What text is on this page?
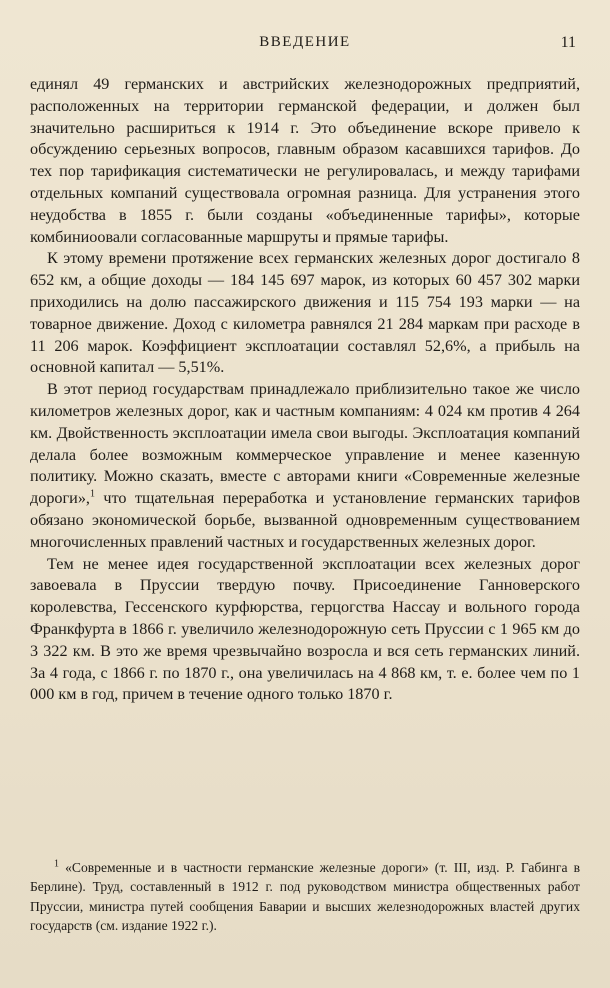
ВВЕДЕНИЕ	11

единял 49 германских и австрийских железнодорожных предприятий, расположенных на территории германской федерации, и должен был значительно расшириться к 1914 г. Это объединение вскоре привело к обсуждению серьезных вопросов, главным образом касавшихся тарифов. До тех пор тарификация систематически не регулировалась, и между тарифами отдельных компаний существовала огромная разница. Для устранения этого неудобства в 1855 г. были созданы «объединенные тарифы», которые комбиниоовали согласованные маршруты и прямые тарифы.

К этому времени протяжение всех германских железных дорог достигало 8 652 км, а общие доходы — 184 145 697 марок, из которых 60 457 302 марки приходились на долю пассажирского движения и 115 754 193 марки — на товарное движение. Доход с километра равнялся 21 284 маркам при расходе в 11 206 марок. Коэффициент эксплоатации составлял 52,6%, а прибыль на основной капитал — 5,51%.

В этот период государствам принадлежало приблизительно такое же число километров железных дорог, как и частным компаниям: 4 024 км против 4 264 км. Двойственность эксплоатации имела свои выгоды. Эксплоатация компаний делала более возможным коммерческое управление и менее казенную политику. Можно сказать, вместе с авторами книги «Современные железные дороги»,$^1$ что тщательная переработка и установление германских тарифов обязано экономической борьбе, вызванной одновременным существованием многочисленных правлений частных и государственных железных дорог.

Тем не менее идея государственной эксплоатации всех железных дорог завоевала в Пруссии твердую почву. Присоединение Ганноверского королевства, Гессенского курфюрства, герцогства Нассау и вольного города Франкфурта в 1866 г. увеличило железнодорожную сеть Пруссии с 1 965 км до 3 322 км. В это же время чрезвычайно возросла и вся сеть германских линий. За 4 года, с 1866 г. по 1870 г., она увеличилась на 4 868 км, т. е. более чем по 1 000 км в год, причем в течение одного только 1870 г.

$^1$ «Современные и в частности германские железные дороги» (т. III, изд. Р. Габинга в Берлине). Труд, составленный в 1912 г. под руководством министра общественных работ Пруссии, министра путей сообщения Баварии и высших железнодорожных властей других государств (см. издание 1922 г.).
